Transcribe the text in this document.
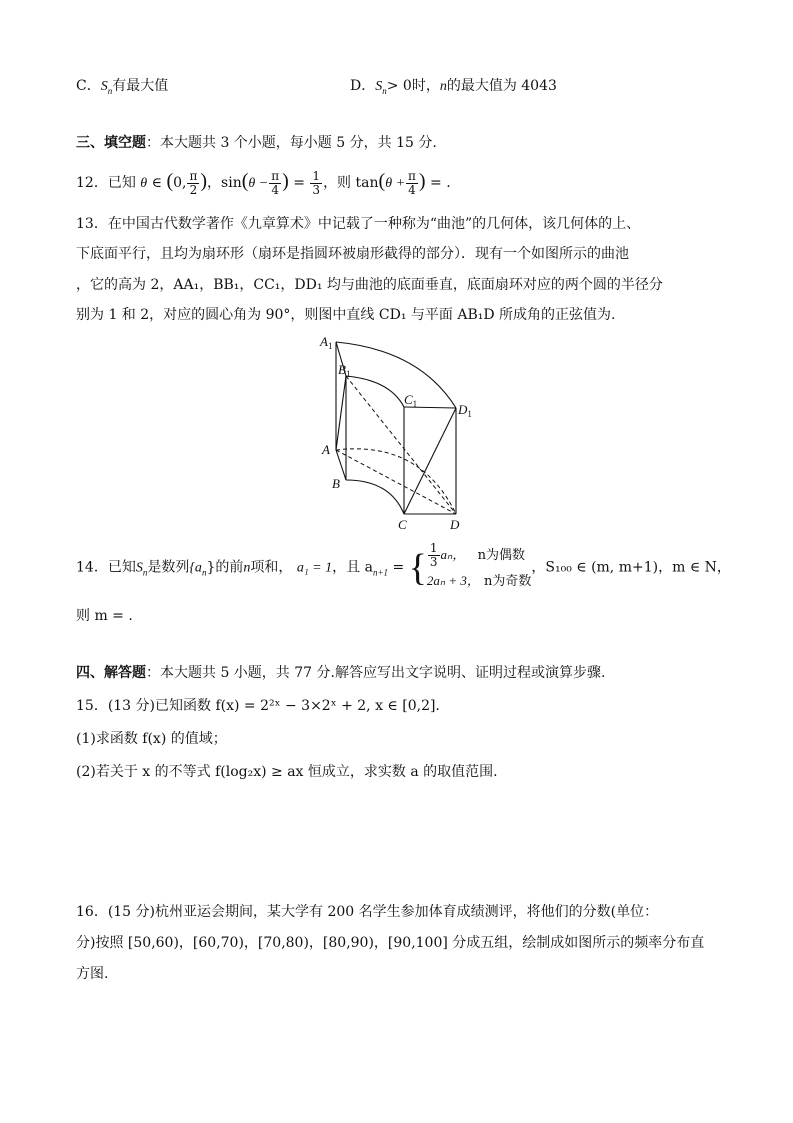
C．$S_n$有最大值	D．$S_n> 0$时，n的最大值为 4043
三、填空题：本大题共 3 个小题，每小题 5 分，共 15 分.
12．已知 θ ∈ (0, $\frac{\pi}{2}$ )，$\sin(\theta - \frac{\pi}{4}$ ) = $\frac{1}{3}$ ，则 $\tan(\theta + \frac{\pi}{4}$ ) = .
13．在中国古代数学著作《九章算术》中记载了一种称为“曲池”的几何体，该几何体的上、
下底面平行，且均为扇环形（扇环是指圆环被扇形截得的部分）．现有一个如图所示的曲池
，它的高为 2，AA₁，BB₁，CC₁，DD₁ 均与曲池的底面垂直，底面扇环对应的两个圆的半径分
别为 1 和 2，对应的圆心角为 90°，则图中直线 CD₁ 与平面 AB₁D 所成角的正弦值为.
$A_1$
$B_1$
$C_1$	$D_1$
A
B
C	D
14．已知$S_n$是数列$\{a_n\}$的前n项和， a₁ = 1，且 $a_{n+1}$ = { $\frac{1}{3}$ aₙ， n为偶数
2aₙ + 3， n为奇数
，S₁₀₀ ∈ (m, m+1)，m ∈ N，
则 m = .
四、解答题：本大题共 5 小题，共 77 分.解答应写出文字说明、证明过程或演算步骤.
15．(13 分)已知函数 f(x) = 2²ˣ − 3×2ˣ + 2, x ∈ [0,2].
(1)求函数 f(x) 的值域；
(2)若关于 x 的不等式 f(log₂x) ≥ ax 恒成立，求实数 a 的取值范围.
16．(15 分)杭州亚运会期间，某大学有 200 名学生参加体育成绩测评，将他们的分数(单位：
分)按照 [50,60)，[60,70)，[70,80)，[80,90)，[90,100] 分成五组，绘制成如图所示的频率分布直
方图.
